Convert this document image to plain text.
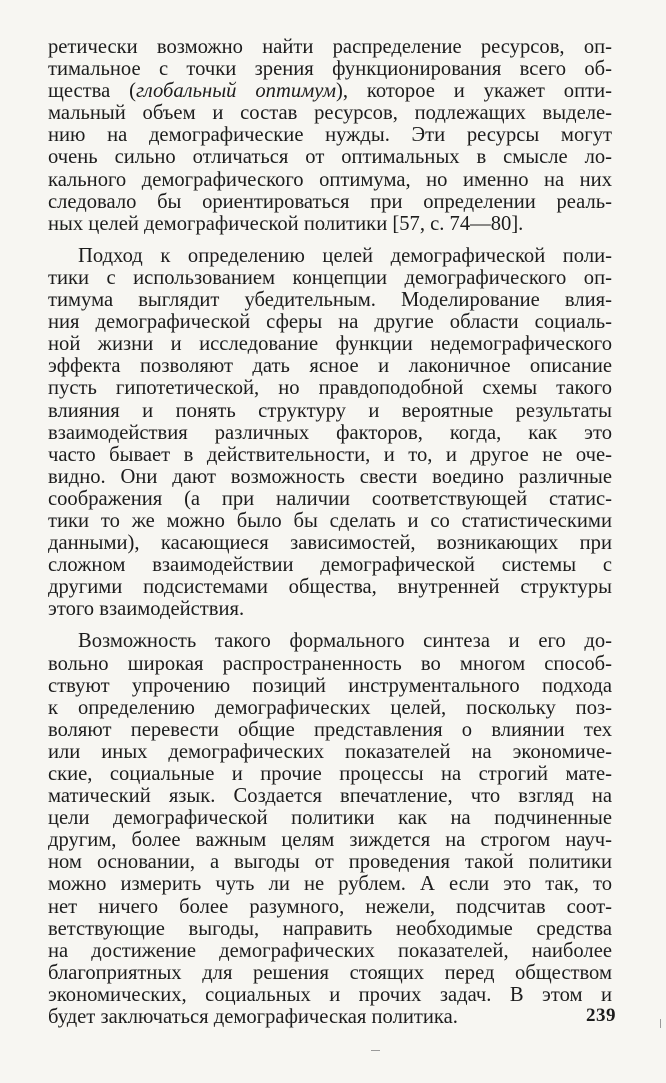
ретически возможно найти распределение ресурсов, оп-
тимальное с точки зрения функционирования всего об-
щества (глобальный оптимум), которое и укажет опти-
мальный объем и состав ресурсов, подлежащих выделе-
нию на демографические нужды. Эти ресурсы могут
очень сильно отличаться от оптимальных в смысле ло-
кального демографического оптимума, но именно на них
следовало бы ориентироваться при определении реаль-
ных целей демографической политики [57, с. 74—80].
Подход к определению целей демографической поли-
тики с использованием концепции демографического оп-
тимума выглядит убедительным. Моделирование влия-
ния демографической сферы на другие области социаль-
ной жизни и исследование функции недемографического
эффекта позволяют дать ясное и лаконичное описание
пусть гипотетической, но правдоподобной схемы такого
влияния и понять структуру и вероятные результаты
взаимодействия различных факторов, когда, как это
часто бывает в действительности, и то, и другое не оче-
видно. Они дают возможность свести воедино различные
соображения (а при наличии соответствующей статис-
тики то же можно было бы сделать и со статистическими
данными), касающиеся зависимостей, возникающих при
сложном взаимодействии демографической системы с
другими подсистемами общества, внутренней структуры
этого взаимодействия.
Возможность такого формального синтеза и его до-
вольно широкая распространенность во многом способ-
ствуют упрочению позиций инструментального подхода
к определению демографических целей, поскольку поз-
воляют перевести общие представления о влиянии тех
или иных демографических показателей на экономиче-
ские, социальные и прочие процессы на строгий мате-
матический язык. Создается впечатление, что взгляд на
цели демографической политики как на подчиненные
другим, более важным целям зиждется на строгом науч-
ном основании, а выгоды от проведения такой политики
можно измерить чуть ли не рублем. А если это так, то
нет ничего более разумного, нежели, подсчитав соот-
ветствующие выгоды, направить необходимые средства
на достижение демографических показателей, наиболее
благоприятных для решения стоящих перед обществом
экономических, социальных и прочих задач. В этом и
будет заключаться демографическая политика.	239
